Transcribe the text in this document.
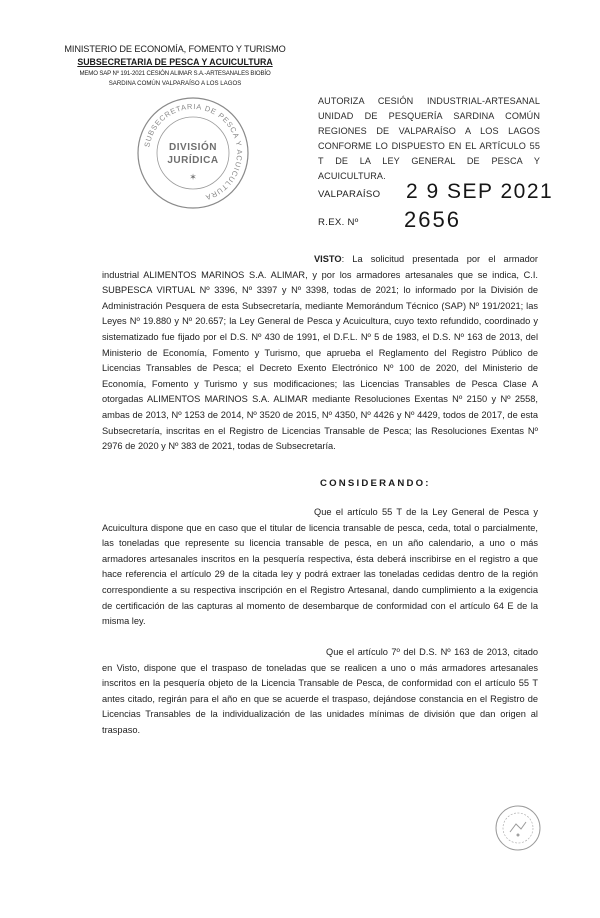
MINISTERIO DE ECONOMÍA, FOMENTO Y TURISMO
SUBSECRETARIA DE PESCA Y ACUICULTURA
MEMO SAP Nº 191-2021 CESIÓN ALIMAR S.A.-ARTESANALES BIOBÍO
SARDINA COMÚN VALPARAÍSO A LOS LAGOS
SUBSECRETARIA DE PESCA Y ACUICULTURA
DIVISIÓN
JURÍDICA
✶
AUTORIZA CESIÓN INDUSTRIAL-ARTESANAL UNIDAD DE PESQUERÍA SARDINA COMÚN REGIONES DE VALPARAÍSO A LOS LAGOS CONFORME LO DISPUESTO EN EL ARTÍCULO 55 T DE LA LEY GENERAL DE PESCA Y ACUICULTURA.
VALPARAÍSO 2 9 SEP 2021
R.EX. Nº 2656
VISTO: La solicitud presentada por el armador industrial ALIMENTOS MARINOS S.A. ALIMAR, y por los armadores artesanales que se indica, C.I. SUBPESCA VIRTUAL Nº 3396, Nº 3397 y Nº 3398, todas de 2021; lo informado por la División de Administración Pesquera de esta Subsecretaría, mediante Memorándum Técnico (SAP) Nº 191/2021; las Leyes Nº 19.880 y Nº 20.657; la Ley General de Pesca y Acuicultura, cuyo texto refundido, coordinado y sistematizado fue fijado por el D.S. Nº 430 de 1991, el D.F.L. Nº 5 de 1983, el D.S. Nº 163 de 2013, del Ministerio de Economía, Fomento y Turismo, que aprueba el Reglamento del Registro Público de Licencias Transables de Pesca; el Decreto Exento Electrónico Nº 100 de 2020, del Ministerio de Economía, Fomento y Turismo y sus modificaciones; las Licencias Transables de Pesca Clase A otorgadas ALIMENTOS MARINOS S.A. ALIMAR mediante Resoluciones Exentas Nº 2150 y Nº 2558, ambas de 2013, Nº 1253 de 2014, Nº 3520 de 2015, Nº 4350, Nº 4426 y Nº 4429, todos de 2017, de esta Subsecretaría, inscritas en el Registro de Licencias Transable de Pesca; las Resoluciones Exentas Nº 2976 de 2020 y Nº 383 de 2021, todas de Subsecretaría.
CONSIDERANDO:
Que el artículo 55 T de la Ley General de Pesca y Acuicultura dispone que en caso que el titular de licencia transable de pesca, ceda, total o parcialmente, las toneladas que represente su licencia transable de pesca, en un año calendario, a uno o más armadores artesanales inscritos en la pesquería respectiva, ésta deberá inscribirse en el registro a que hace referencia el artículo 29 de la citada ley y podrá extraer las toneladas cedidas dentro de la región correspondiente a su respectiva inscripción en el Registro Artesanal, dando cumplimiento a la exigencia de certificación de las capturas al momento de desembarque de conformidad con el artículo 64 E de la misma ley.
Que el artículo 7º del D.S. Nº 163 de 2013, citado en Visto, dispone que el traspaso de toneladas que se realicen a uno o más armadores artesanales inscritos en la pesquería objeto de la Licencia Transable de Pesca, de conformidad con el artículo 55 T antes citado, regirán para el año en que se acuerde el traspaso, dejándose constancia en el Registro de Licencias Transables de la individualización de las unidades mínimas de división que dan origen al traspaso.
